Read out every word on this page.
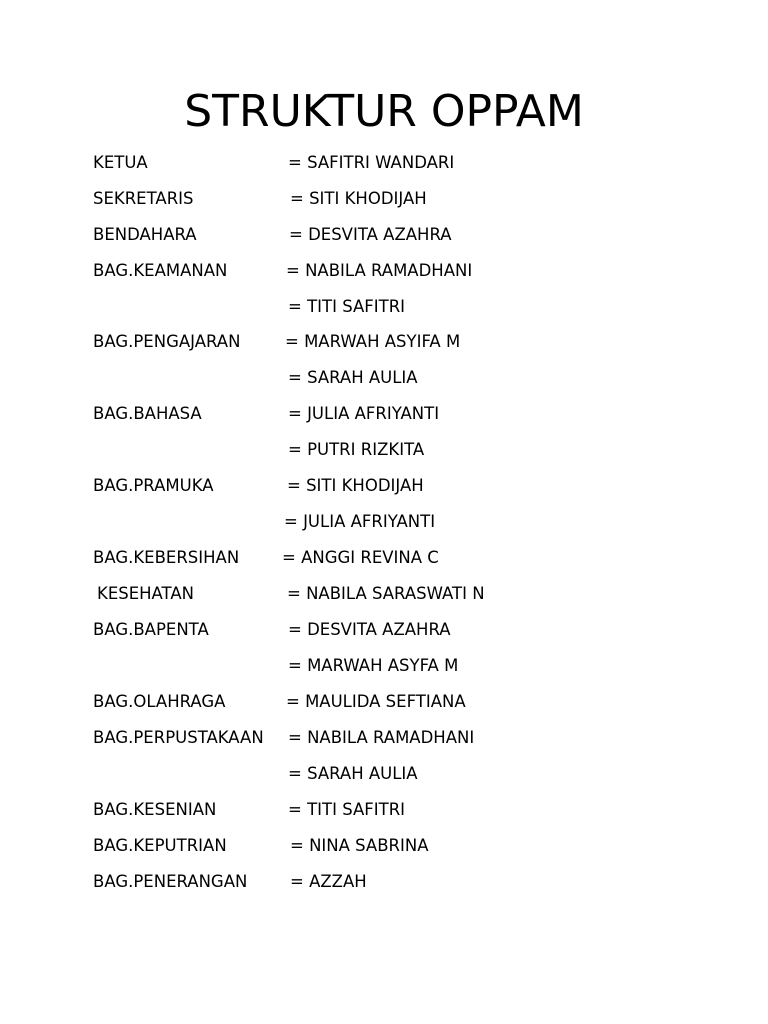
STRUKTUR OPPAM
KETUA	= SAFITRI WANDARI
SEKRETARIS	= SITI KHODIJAH
BENDAHARA	= DESVITA AZAHRA
BAG.KEAMANAN	= NABILA RAMADHANI
= TITI SAFITRI
BAG.PENGAJARAN	= MARWAH ASYIFA M
= SARAH AULIA
BAG.BAHASA	= JULIA AFRIYANTI
= PUTRI RIZKITA
BAG.PRAMUKA	= SITI KHODIJAH
= JULIA AFRIYANTI
BAG.KEBERSIHAN	= ANGGI REVINA C
KESEHATAN	= NABILA SARASWATI N
BAG.BAPENTA	= DESVITA AZAHRA
= MARWAH ASYFA M
BAG.OLAHRAGA	= MAULIDA SEFTIANA
BAG.PERPUSTAKAAN = NABILA RAMADHANI
= SARAH AULIA
BAG.KESENIAN	= TITI SAFITRI
BAG.KEPUTRIAN	= NINA SABRINA
BAG.PENERANGAN	= AZZAH
